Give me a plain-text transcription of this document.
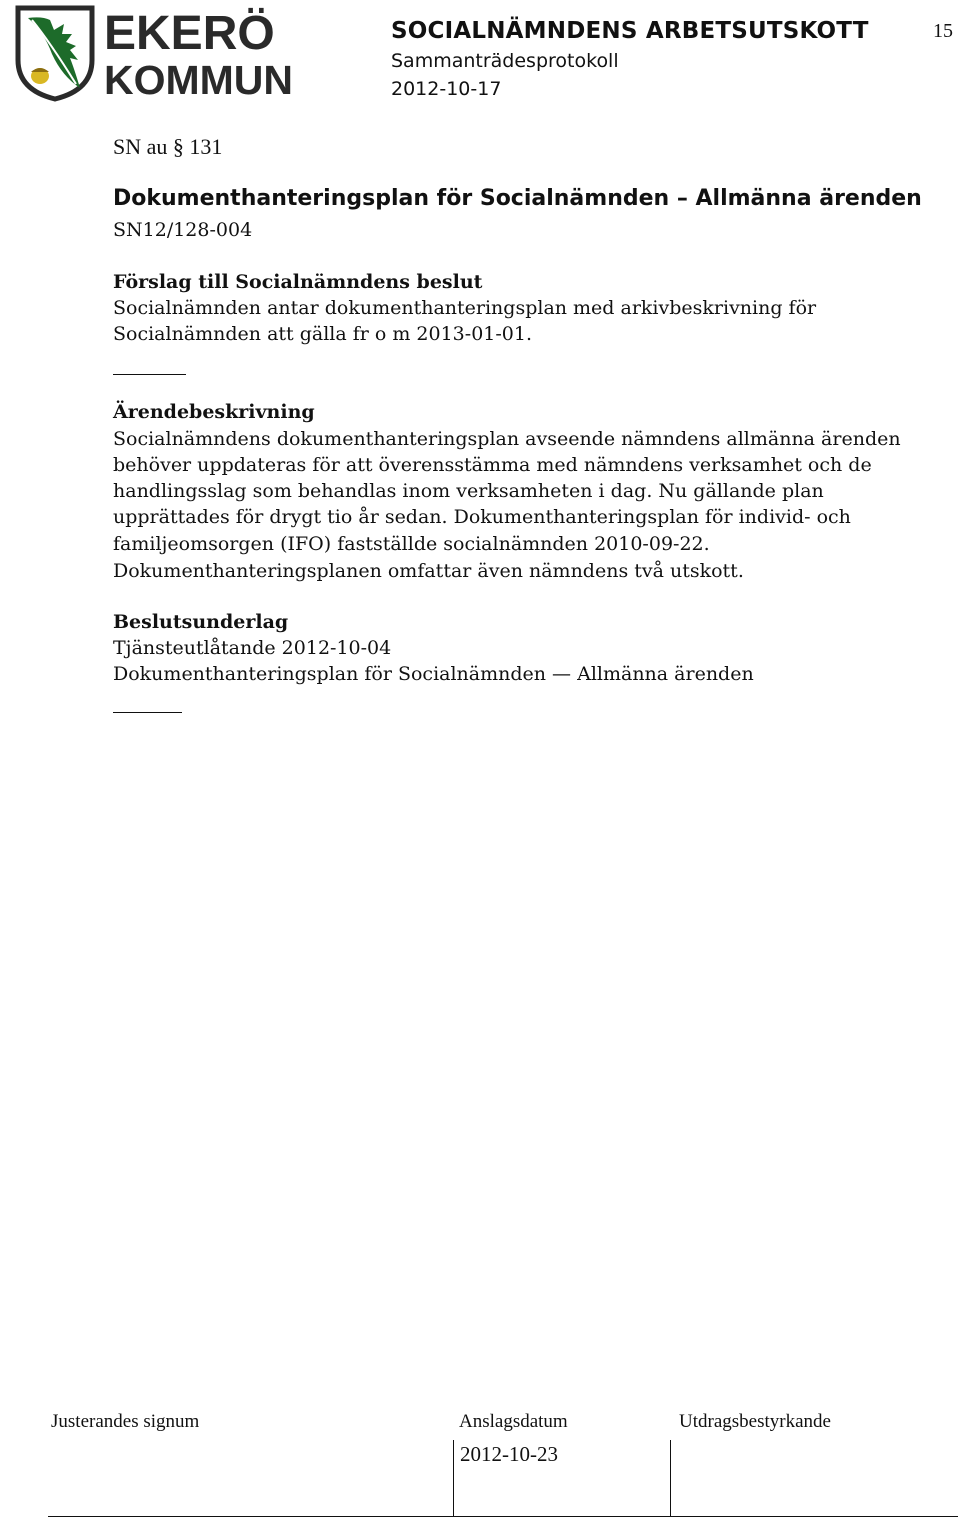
EKERÖ
KOMMUN
SOCIALNÄMNDENS ARBETSUTSKOTT
Sammanträdesprotokoll
2012-10-17
15
SN au § 131
Dokumenthanteringsplan för Socialnämnden – Allmänna ärenden
SN12/128-004
Förslag till Socialnämndens beslut
Socialnämnden antar dokumenthanteringsplan med arkivbeskrivning för
Socialnämnden att gälla fr o m 2013-01-01.
Ärendebeskrivning
Socialnämndens dokumenthanteringsplan avseende nämndens allmänna ärenden
behöver uppdateras för att överensstämma med nämndens verksamhet och de
handlingsslag som behandlas inom verksamheten i dag. Nu gällande plan
upprättades för drygt tio år sedan. Dokumenthanteringsplan för individ- och
familjeomsorgen (IFO) fastställde socialnämnden 2010-09-22.
Dokumenthanteringsplanen omfattar även nämndens två utskott.
Beslutsunderlag
Tjänsteutlåtande 2012-10-04
Dokumenthanteringsplan för Socialnämnden — Allmänna ärenden
Justerandes signum	Anslagsdatum	Utdragsbestyrkande
2012-10-23
